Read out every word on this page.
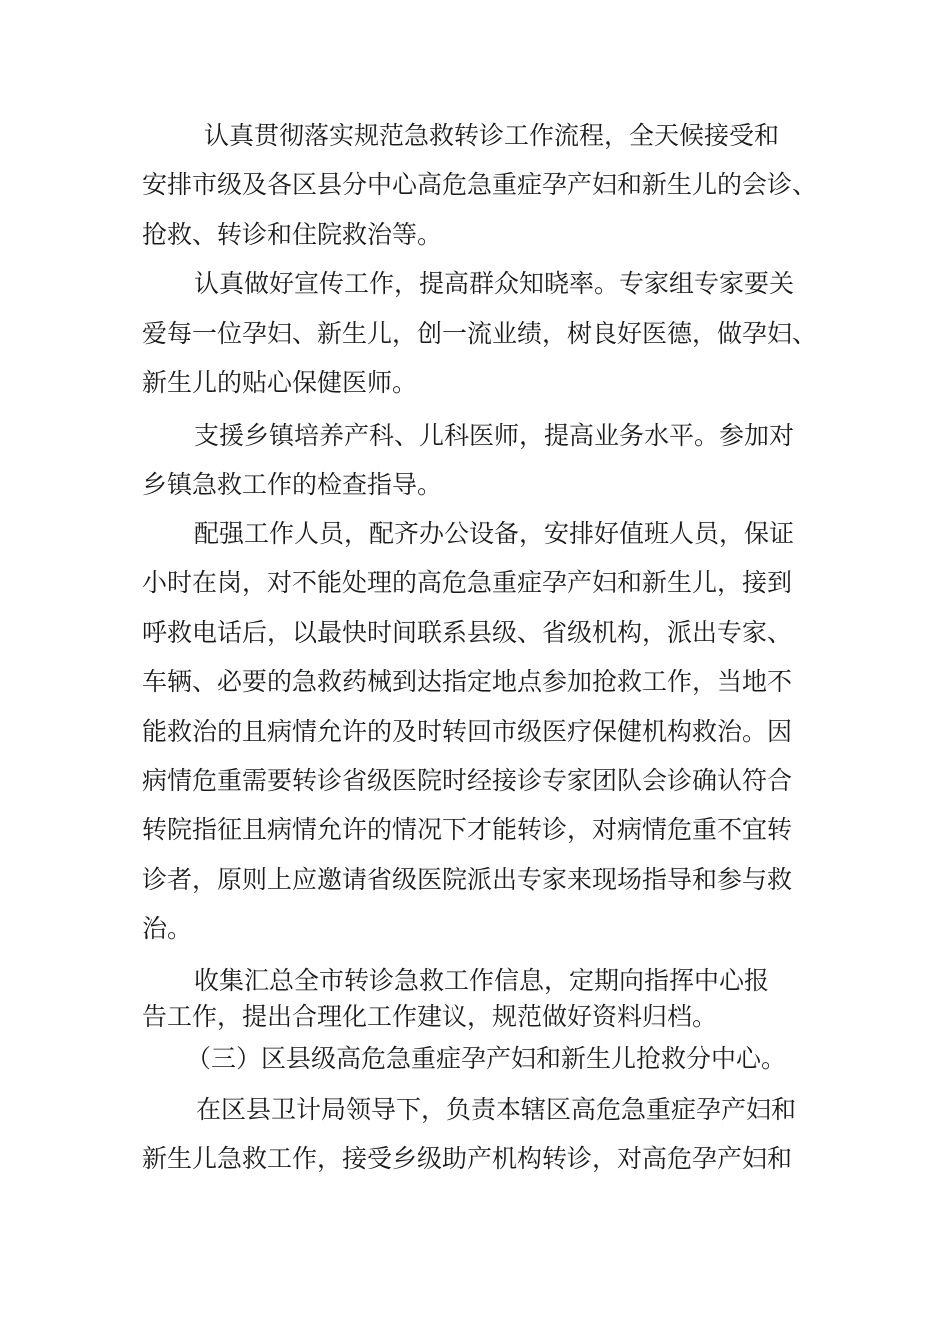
认真贯彻落实规范急救转诊工作流程，全天候接受和

安排市级及各区县分中心高危急重症孕产妇和新生儿的会诊、

抢救、转诊和住院救治等。

认真做好宣传工作，提高群众知晓率。专家组专家要关

爱每一位孕妇、新生儿，创一流业绩，树良好医德，做孕妇、

新生儿的贴心保健医师。

支援乡镇培养产科、儿科医师，提高业务水平。参加对

乡镇急救工作的检查指导。

配强工作人员，配齐办公设备，安排好值班人员，保证

小时在岗，对不能处理的高危急重症孕产妇和新生儿，接到

呼救电话后，以最快时间联系县级、省级机构，派出专家、

车辆、必要的急救药械到达指定地点参加抢救工作，当地不

能救治的且病情允许的及时转回市级医疗保健机构救治。因

病情危重需要转诊省级医院时经接诊专家团队会诊确认符合

转院指征且病情允许的情况下才能转诊，对病情危重不宜转

诊者，原则上应邀请省级医院派出专家来现场指导和参与救

治。

收集汇总全市转诊急救工作信息，定期向指挥中心报

告工作，提出合理化工作建议，规范做好资料归档。

（三）区县级高危急重症孕产妇和新生儿抢救分中心。

在区县卫计局领导下，负责本辖区高危急重症孕产妇和

新生儿急救工作，接受乡级助产机构转诊，对高危孕产妇和
